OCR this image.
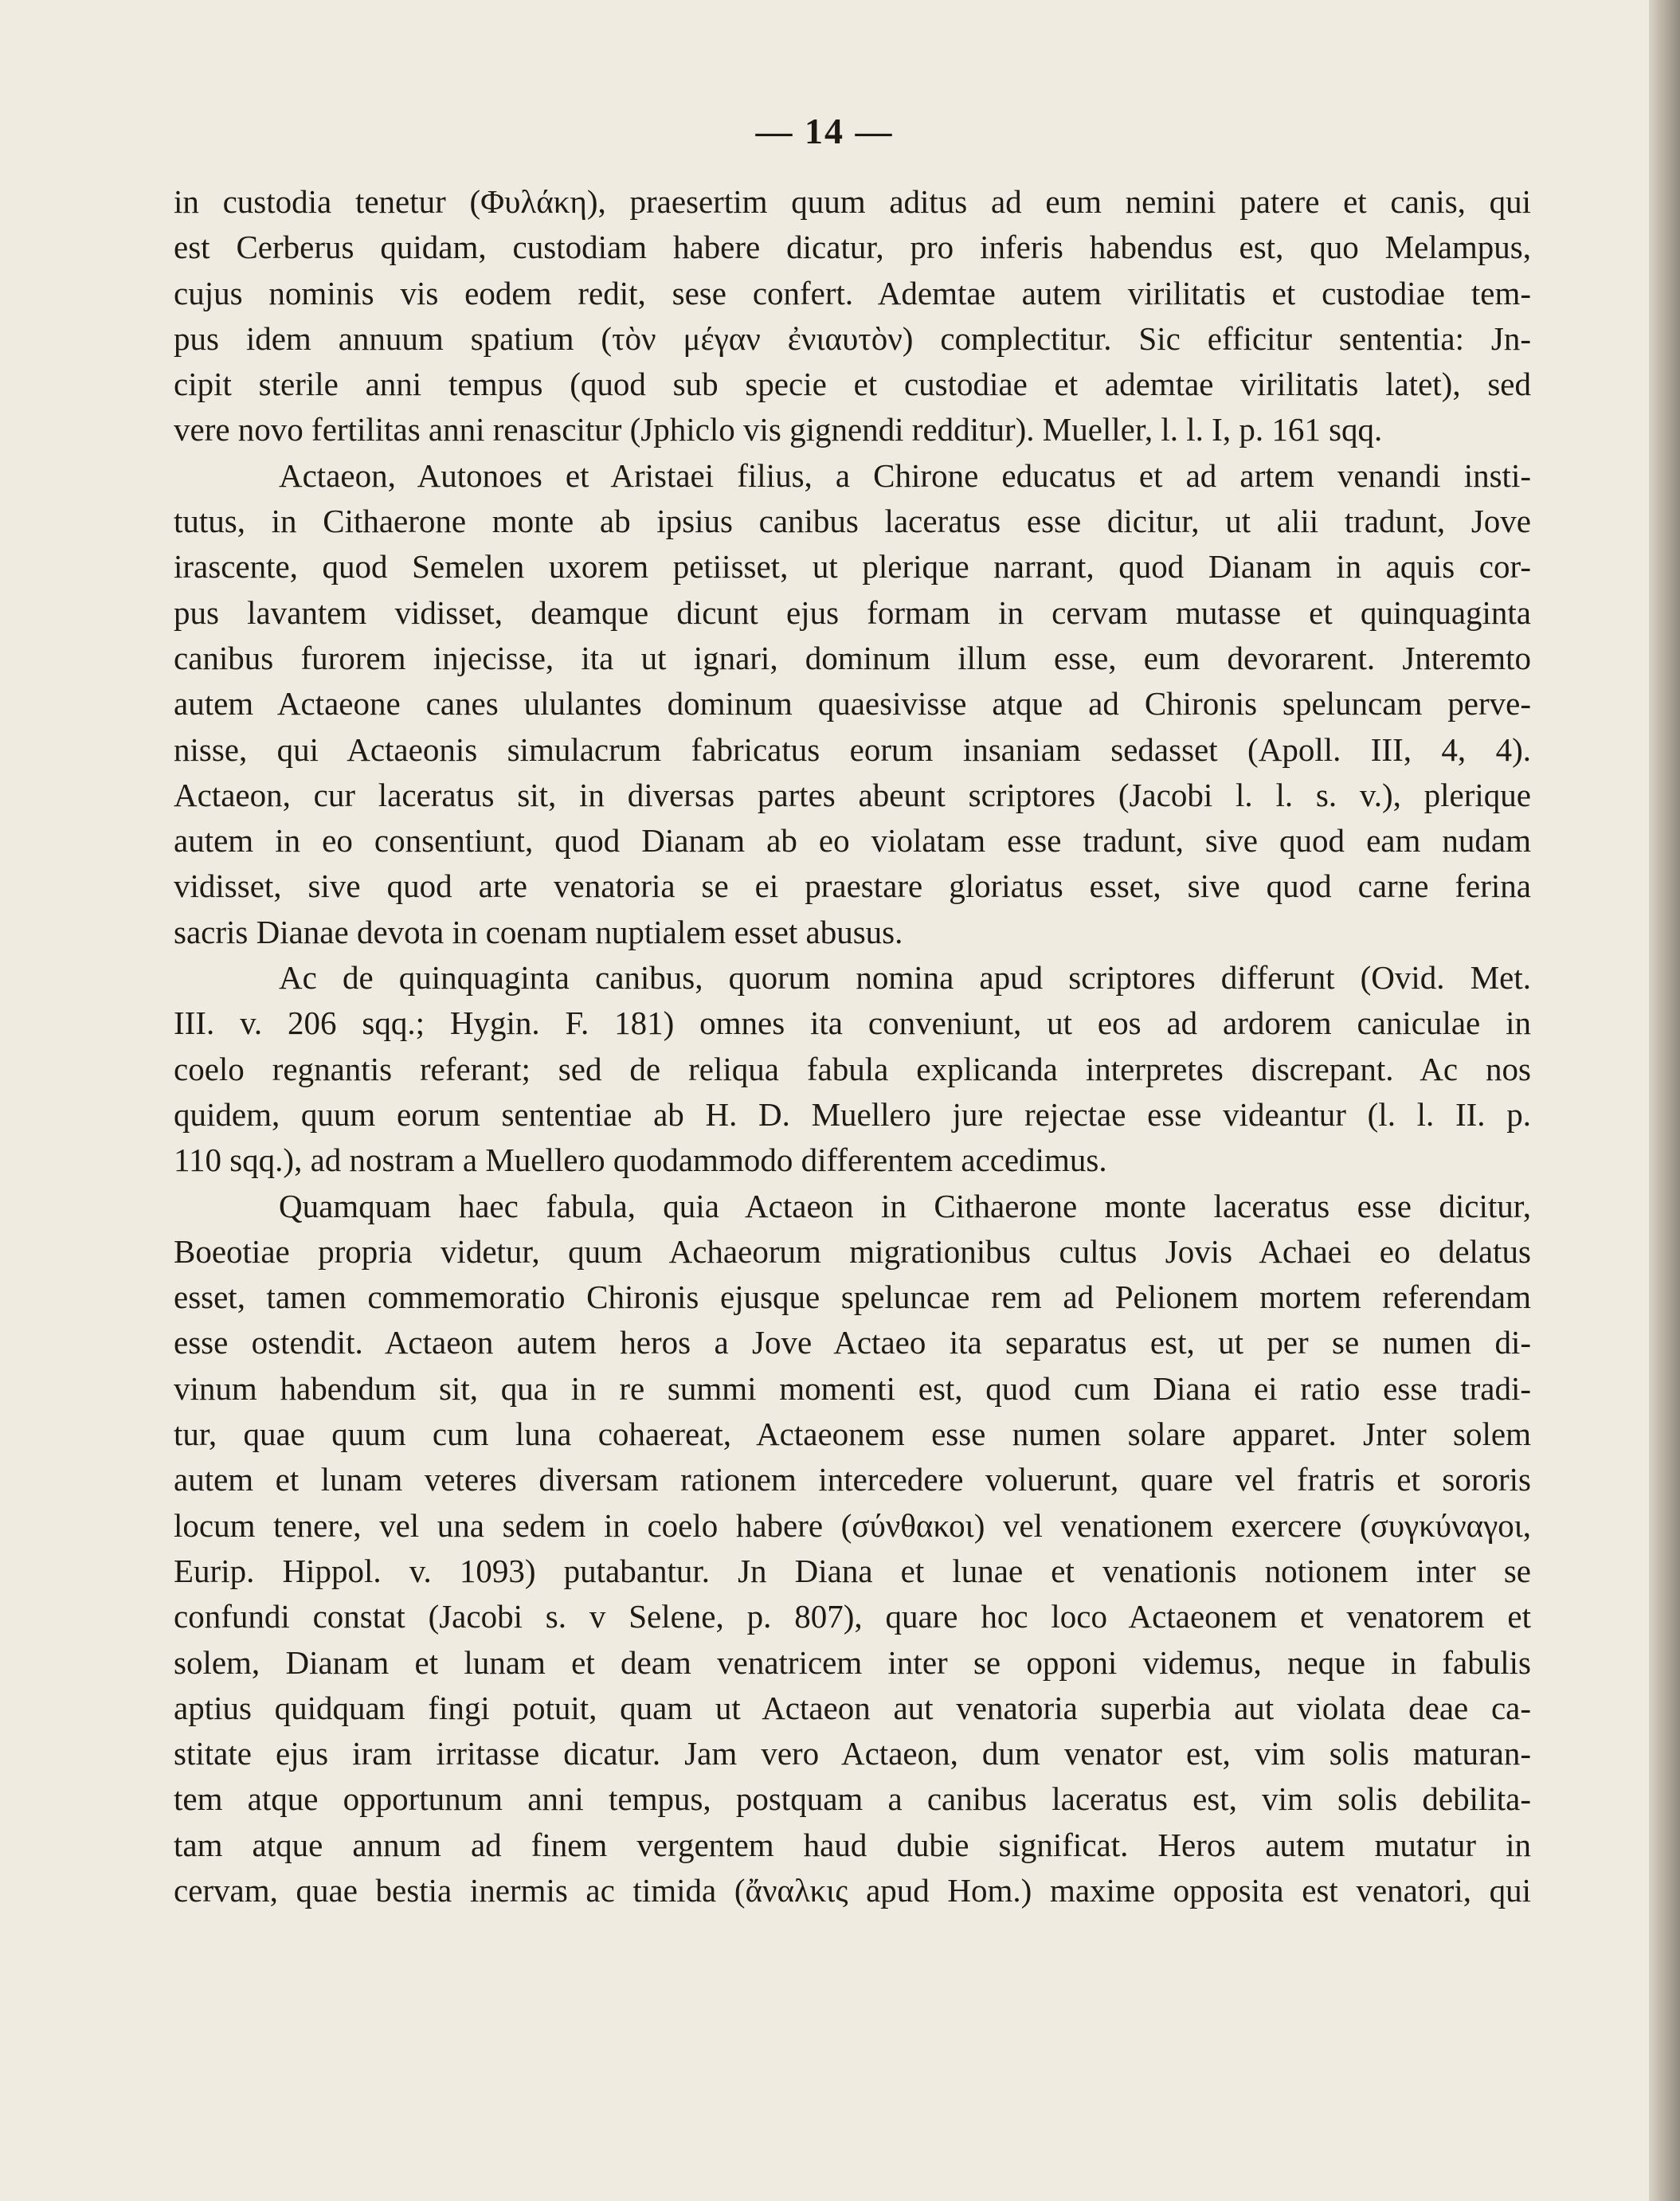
— 14 —
in custodia tenetur (Φυλάκη), praesertim quum aditus ad eum nemini patere et canis, qui
est Cerberus quidam, custodiam habere dicatur, pro inferis habendus est, quo Melampus,
cujus nominis vis eodem redit, sese confert. Ademtae autem virilitatis et custodiae tem-
pus idem annuum spatium (τὸν μέγαν ἐνιαυτὸν) complectitur. Sic efficitur sententia: Jn-
cipit sterile anni tempus (quod sub specie et custodiae et ademtae virilitatis latet), sed
vere novo fertilitas anni renascitur (Jphiclo vis gignendi redditur). Mueller, l. l. I, p. 161 sqq.
Actaeon, Autonoes et Aristaei filius, a Chirone educatus et ad artem venandi insti-
tutus, in Cithaerone monte ab ipsius canibus laceratus esse dicitur, ut alii tradunt, Jove
irascente, quod Semelen uxorem petiisset, ut plerique narrant, quod Dianam in aquis cor-
pus lavantem vidisset, deamque dicunt ejus formam in cervam mutasse et quinquaginta
canibus furorem injecisse, ita ut ignari, dominum illum esse, eum devorarent. Jnteremto
autem Actaeone canes ululantes dominum quaesivisse atque ad Chironis speluncam perve-
nisse, qui Actaeonis simulacrum fabricatus eorum insaniam sedasset (Apoll. III, 4, 4).
Actaeon, cur laceratus sit, in diversas partes abeunt scriptores (Jacobi l. l. s. v.), plerique
autem in eo consentiunt, quod Dianam ab eo violatam esse tradunt, sive quod eam nudam
vidisset, sive quod arte venatoria se ei praestare gloriatus esset, sive quod carne ferina
sacris Dianae devota in coenam nuptialem esset abusus.
Ac de quinquaginta canibus, quorum nomina apud scriptores differunt (Ovid. Met.
III. v. 206 sqq.; Hygin. F. 181) omnes ita conveniunt, ut eos ad ardorem caniculae in
coelo regnantis referant; sed de reliqua fabula explicanda interpretes discrepant. Ac nos
quidem, quum eorum sententiae ab H. D. Muellero jure rejectae esse videantur (l. l. II. p.
110 sqq.), ad nostram a Muellero quodammodo differentem accedimus.
Quamquam haec fabula, quia Actaeon in Cithaerone monte laceratus esse dicitur,
Boeotiae propria videtur, quum Achaeorum migrationibus cultus Jovis Achaei eo delatus
esset, tamen commemoratio Chironis ejusque speluncae rem ad Pelionem mortem referendam
esse ostendit. Actaeon autem heros a Jove Actaeo ita separatus est, ut per se numen di-
vinum habendum sit, qua in re summi momenti est, quod cum Diana ei ratio esse tradi-
tur, quae quum cum luna cohaereat, Actaeonem esse numen solare apparet. Jnter solem
autem et lunam veteres diversam rationem intercedere voluerunt, quare vel fratris et sororis
locum tenere, vel una sedem in coelo habere (σύνθακοι) vel venationem exercere (συγκύναγοι,
Eurip. Hippol. v. 1093) putabantur. Jn Diana et lunae et venationis notionem inter se
confundi constat (Jacobi s. v Selene, p. 807), quare hoc loco Actaeonem et venatorem et
solem, Dianam et lunam et deam venatricem inter se opponi videmus, neque in fabulis
aptius quidquam fingi potuit, quam ut Actaeon aut venatoria superbia aut violata deae ca-
stitate ejus iram irritasse dicatur. Jam vero Actaeon, dum venator est, vim solis maturan-
tem atque opportunum anni tempus, postquam a canibus laceratus est, vim solis debilita-
tam atque annum ad finem vergentem haud dubie significat. Heros autem mutatur in
cervam, quae bestia inermis ac timida (ἄναλκις apud Hom.) maxime opposita est venatori, qui
